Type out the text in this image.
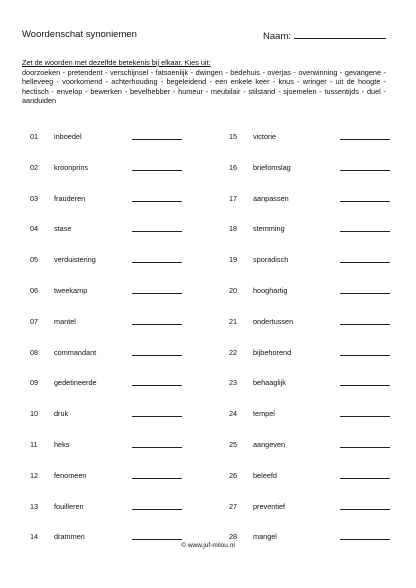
Woordenschat synoniemen	Naam:
Zet de woorden met dezelfde betekenis bij elkaar. Kies uit:
doorzoeken - pretendent - verschijnsel - fatsoenlijk - dwingen - bedehuis - overjas - overwinning - gevangene - helleveeg - voorkomend - achterhouding - begeleidend - een enkele keer - knus - wringer - uit de hoogte - hectisch - envelop - bewerken - bevelhebber - humeur - meubilair - stilstand - sjoemelen - tussentijds - duel - aanduiden
01 inboedel
02 kroonprins
03 frauderen
04 stase
05 verduistering
06 tweekamp
07 mantel
08 commandant
09 gedetineerde
10 druk
11 heks
12 fenomeen
13 fouilleren
14 drammen
15 victorie
16 briefomslag
17 aanpassen
18 stemming
19 sporadisch
20 hooghartig
21 ondertussen
22 bijbehorend
23 behaaglijk
24 tempel
25 aangeven
26 beleefd
27 preventief
28 mangel
© www.juf-milou.nl
